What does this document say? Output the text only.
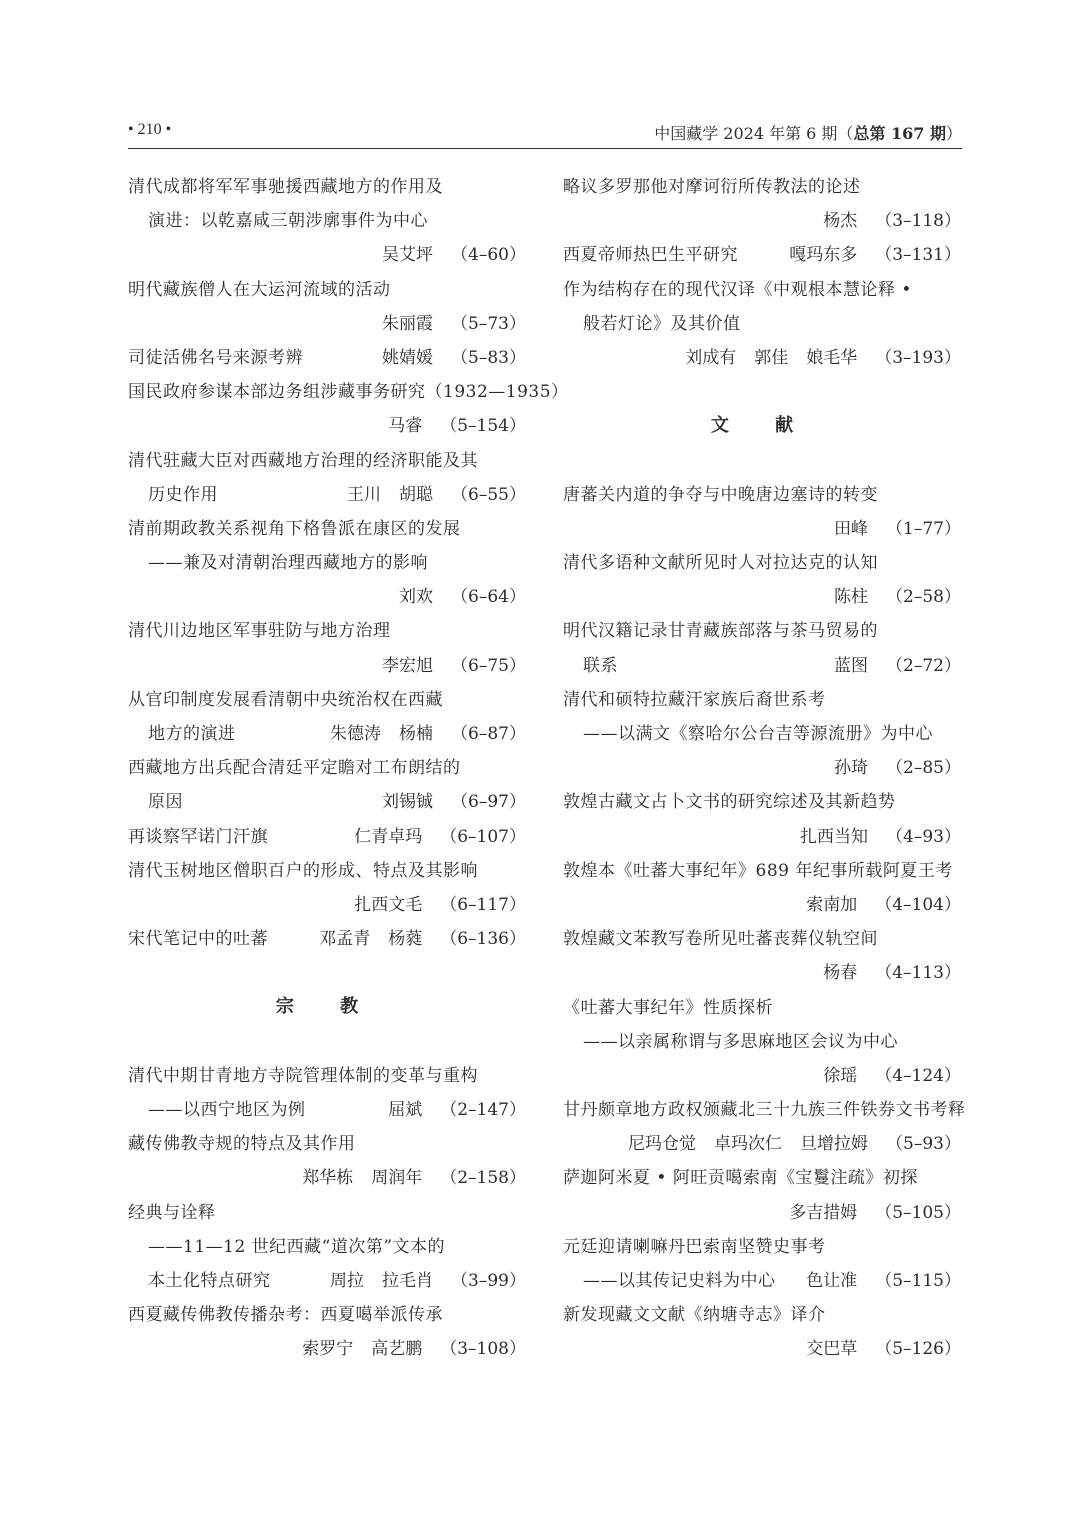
• 210 •	中国藏学 2024 年第 6 期（总第 167 期）
清代成都将军军事驰援西藏地方的作用及
演进：以乾嘉咸三朝涉廓事件为中心
吴艾坪 （4–60）
明代藏族僧人在大运河流域的活动
朱丽霞 （5–73）
司徒活佛名号来源考辨	姚婧媛 （5–83）
国民政府参谋本部边务组涉藏事务研究（1932—1935）
马睿 （5–154）
清代驻藏大臣对西藏地方治理的经济职能及其
历史作用	王川 胡聪 （6–55）
清前期政教关系视角下格鲁派在康区的发展
——兼及对清朝治理西藏地方的影响
刘欢 （6–64）
清代川边地区军事驻防与地方治理
李宏旭 （6–75）
从官印制度发展看清朝中央统治权在西藏
地方的演进	朱德涛 杨楠 （6–87）
西藏地方出兵配合清廷平定瞻对工布朗结的
原因	刘锡铖 （6–97）
再谈察罕诺门汗旗	仁青卓玛 （6–107）
清代玉树地区僧职百户的形成、特点及其影响
扎西文毛 （6–117）
宋代笔记中的吐蕃	邓孟青 杨蕤 （6–136）
宗 教
清代中期甘青地方寺院管理体制的变革与重构
——以西宁地区为例	屈斌 （2–147）
藏传佛教寺规的特点及其作用
郑华栋 周润年 （2–158）
经典与诠释
——11—12 世纪西藏“道次第”文本的
本土化特点研究	周拉 拉毛肖 （3–99）
西夏藏传佛教传播杂考：西夏噶举派传承
索罗宁 高艺鹏 （3–108）
略议多罗那他对摩诃衍所传教法的论述
杨杰 （3–118）
西夏帝师热巴生平研究	嘎玛东多 （3–131）
作为结构存在的现代汉译《中观根本慧论释 •
般若灯论》及其价值
刘成有 郭佳 娘毛华 （3–193）
文 献
唐蕃关内道的争夺与中晚唐边塞诗的转变
田峰 （1–77）
清代多语种文献所见时人对拉达克的认知
陈柱 （2–58）
明代汉籍记录甘青藏族部落与茶马贸易的
联系	蓝图 （2–72）
清代和硕特拉藏汗家族后裔世系考
——以满文《察哈尔公台吉等源流册》为中心
孙琦 （2–85）
敦煌古藏文占卜文书的研究综述及其新趋势
扎西当知 （4–93）
敦煌本《吐蕃大事纪年》689 年纪事所载阿夏王考
索南加 （4–104）
敦煌藏文苯教写卷所见吐蕃丧葬仪轨空间
杨春 （4–113）
《吐蕃大事纪年》性质探析
——以亲属称谓与多思麻地区会议为中心
徐瑶 （4–124）
甘丹颇章地方政权颁藏北三十九族三件铁券文书考释
尼玛仓觉 卓玛次仁 旦增拉姆 （5–93）
萨迦阿米夏 • 阿旺贡噶索南《宝鬘注疏》初探
多吉措姆 （5–105）
元廷迎请喇嘛丹巴索南坚赞史事考
——以其传记史料为中心 色让准 （5–115）
新发现藏文文献《纳塘寺志》译介
交巴草 （5–126）
